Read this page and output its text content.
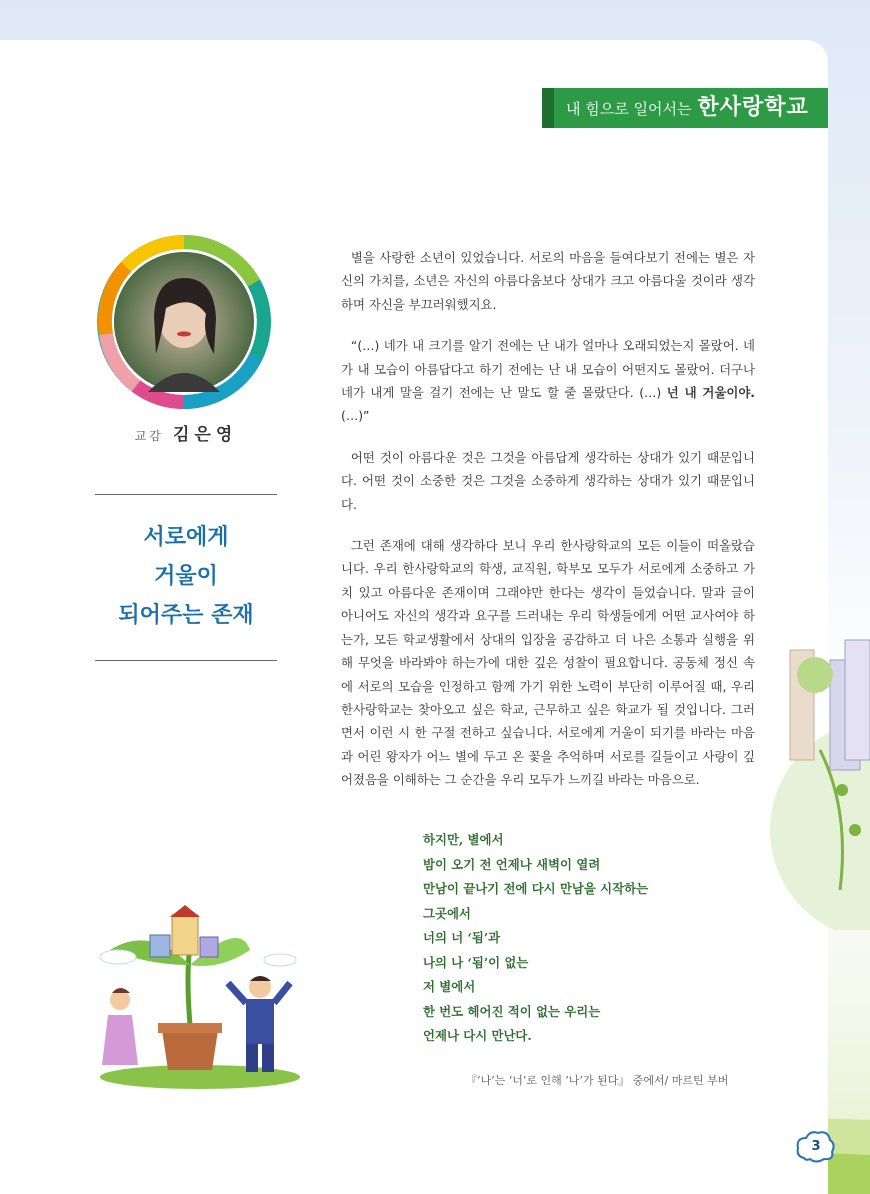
내 힘으로 일어서는 한사랑학교
교감 김은영
서로에게
거울이
되어주는 존재

별을 사랑한 소년이 있었습니다. 서로의 마음을 들여다보기 전에는 별은 자신의 가치를, 소년은 자신의 아름다움보다 상대가 크고 아름다울 것이라 생각하며 자신을 부끄러워했지요.

“(…) 네가 내 크기를 알기 전에는 난 내가 얼마나 오래되었는지 몰랐어. 네가 내 모습이 아름답다고 하기 전에는 난 내 모습이 어떤지도 몰랐어. 더구나 네가 내게 말을 걸기 전에는 난 말도 할 줄 몰랐단다. (…) 넌 내 거울이야. (…)”

어떤 것이 아름다운 것은 그것을 아름답게 생각하는 상대가 있기 때문입니다. 어떤 것이 소중한 것은 그것을 소중하게 생각하는 상대가 있기 때문입니다.

그런 존재에 대해 생각하다 보니 우리 한사랑학교의 모든 이들이 떠올랐습니다. 우리 한사랑학교의 학생, 교직원, 학부모 모두가 서로에게 소중하고 가치 있고 아름다운 존재이며 그래야만 한다는 생각이 들었습니다. 말과 글이 아니어도 자신의 생각과 요구를 드러내는 우리 학생들에게 어떤 교사여야 하는가, 모든 학교생활에서 상대의 입장을 공감하고 더 나은 소통과 실행을 위해 무엇을 바라봐야 하는가에 대한 깊은 성찰이 필요합니다. 공동체 정신 속에 서로의 모습을 인정하고 함께 가기 위한 노력이 부단히 이루어질 때, 우리 한사랑학교는 찾아오고 싶은 학교, 근무하고 싶은 학교가 될 것입니다. 그러면서 이런 시 한 구절 전하고 싶습니다. 서로에게 거울이 되기를 바라는 마음과 어린 왕자가 어느 별에 두고 온 꽃을 추억하며 서로를 길들이고 사랑이 깊어졌음을 이해하는 그 순간을 우리 모두가 느끼길 바라는 마음으로.

하지만, 별에서
밤이 오기 전 언제나 새벽이 열려
만남이 끝나기 전에 다시 만남을 시작하는
그곳에서
너의 너 ‘됨’과
나의 나 ‘됨’이 없는
저 별에서
한 번도 헤어진 적이 없는 우리는
언제나 다시 만난다.
『‘나’는 ‘너’로 인해 ‘나’가 된다』 중에서/ 마르틴 부버
3
